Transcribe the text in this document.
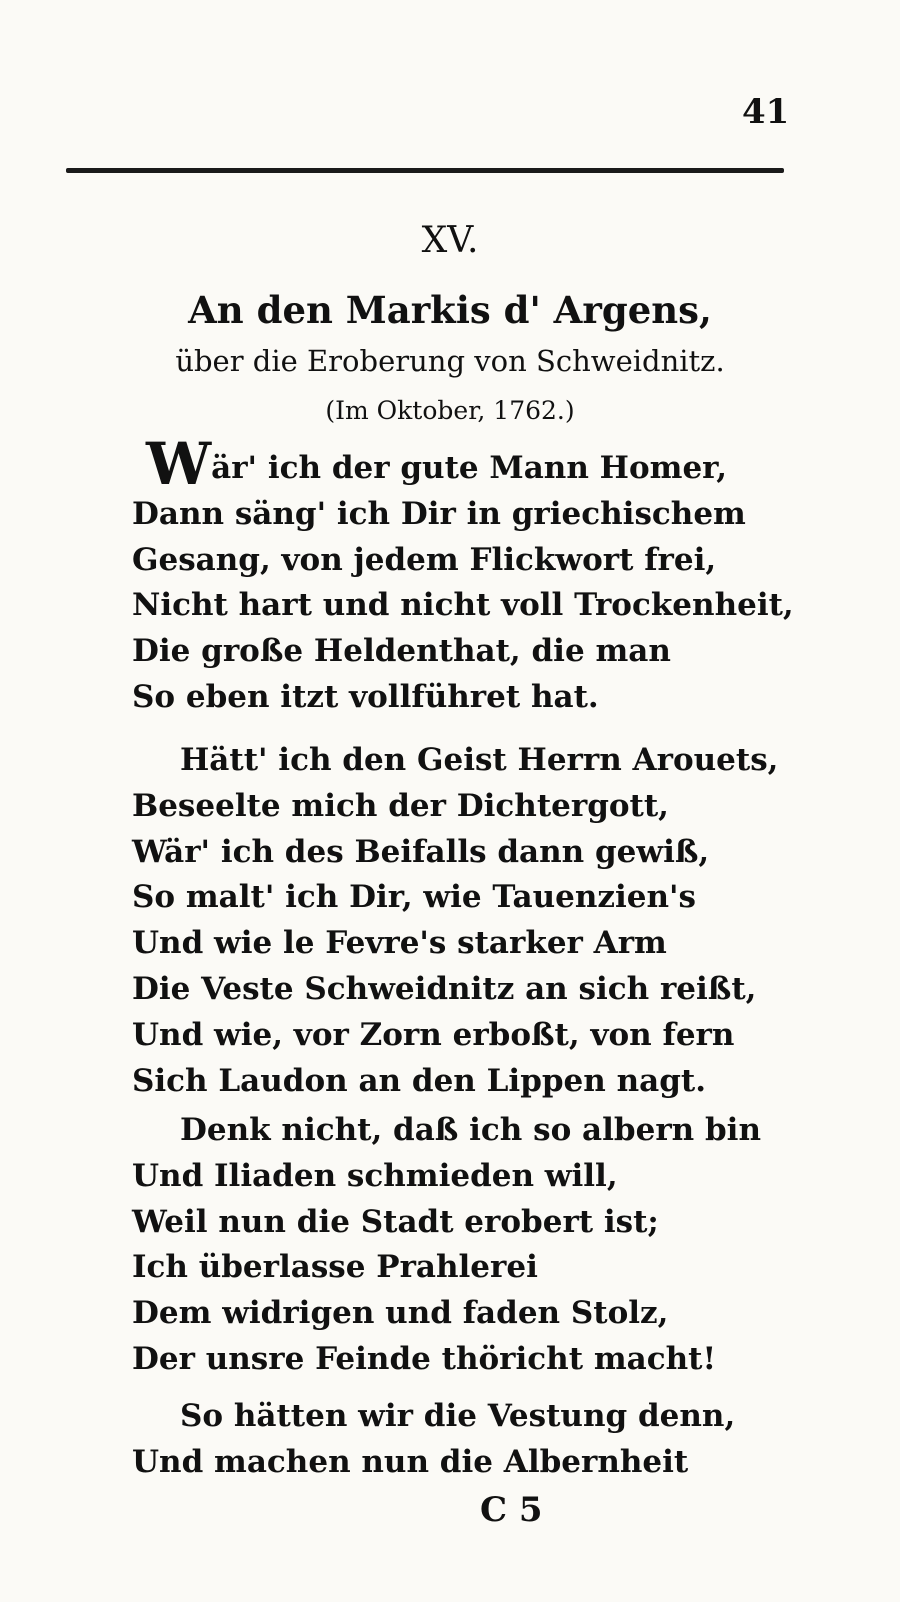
41
XV.
An den Markis d' Argens,
über die Eroberung von Schweidnitz.
(Im Oktober, 1762.)
Wär' ich der gute Mann Homer,
Dann säng' ich Dir in griechischem
Gesang, von jedem Flickwort frei,
Nicht hart und nicht voll Trockenheit,
Die große Heldenthat, die man
So eben itzt vollführet hat.
Hätt' ich den Geist Herrn Arouets,
Beseelte mich der Dichtergott,
Wär' ich des Beifalls dann gewiß,
So malt' ich Dir, wie Tauenzien's
Und wie le Fevre's starker Arm
Die Veste Schweidnitz an sich reißt,
Und wie, vor Zorn erboßt, von fern
Sich Laudon an den Lippen nagt.
Denk nicht, daß ich so albern bin
Und Iliaden schmieden will,
Weil nun die Stadt erobert ist;
Ich überlasse Prahlerei
Dem widrigen und faden Stolz,
Der unsre Feinde thöricht macht!
So hätten wir die Vestung denn,
Und machen nun die Albernheit
C 5
